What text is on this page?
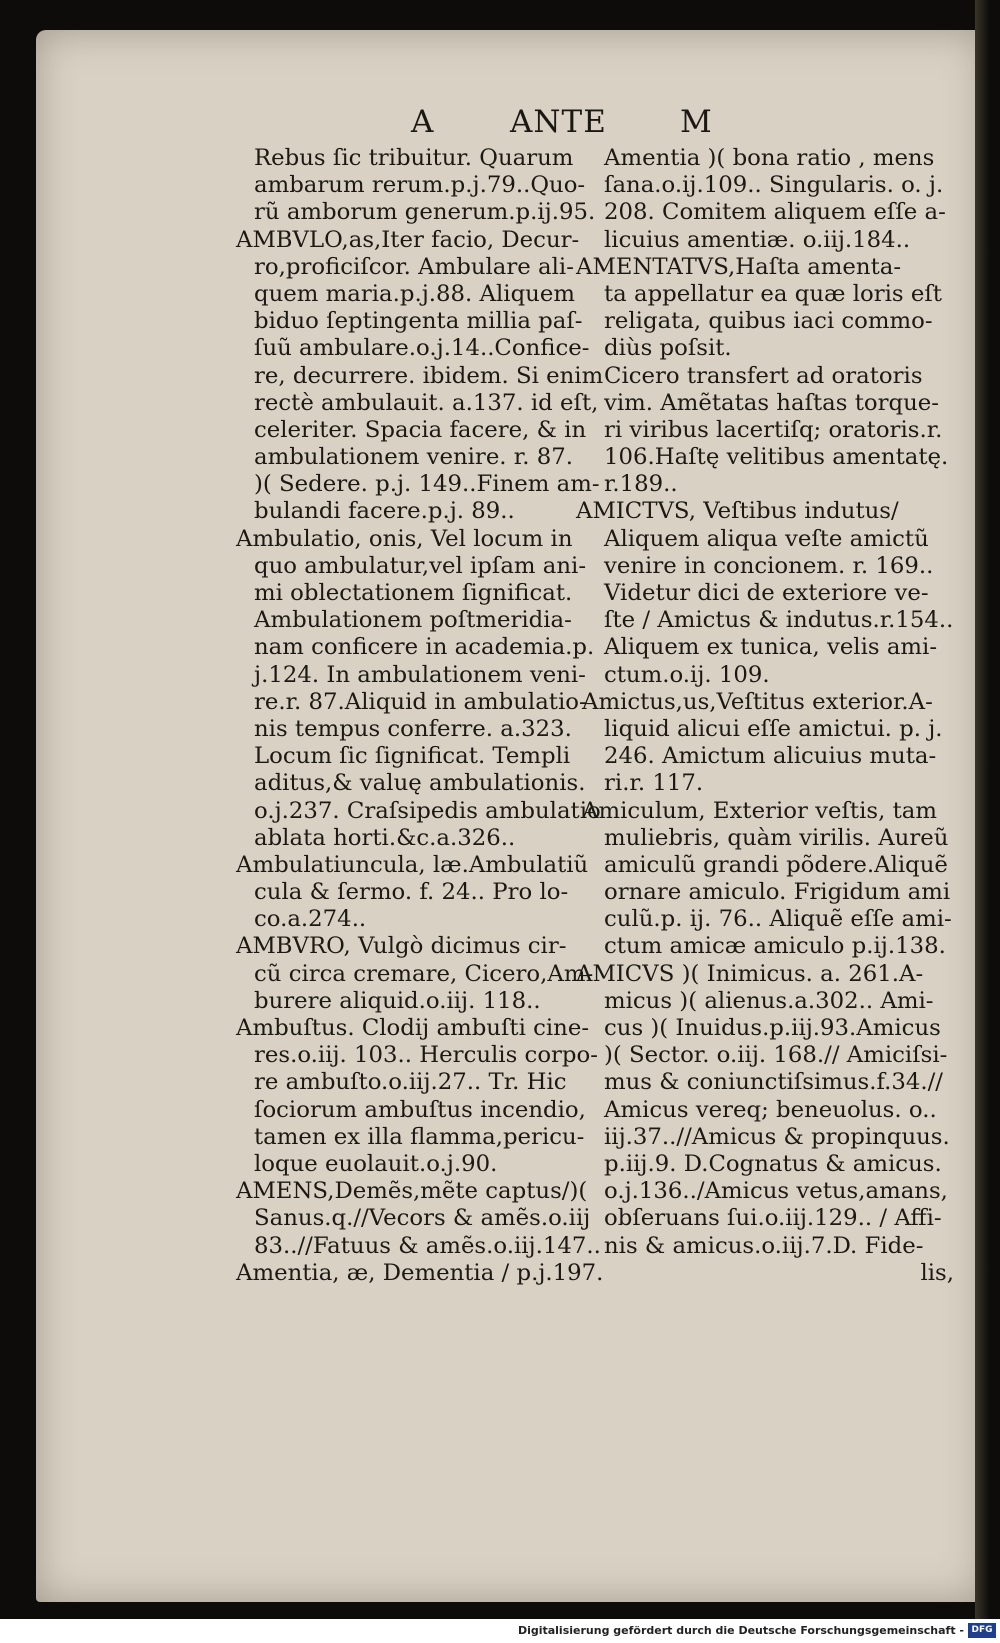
A ANTE M
Rebus ſic tribuitur. Quarum
ambarum rerum.p.j.79..Quo-
rũ amborum generum.p.ij.95.
AMBVLO,as,Iter facio, Decur-
ro,proficiſcor. Ambulare ali-
quem maria.p.j.88. Aliquem
biduo ſeptingenta millia paſ-
ſuũ ambulare.o.j.14..Confice-
re, decurrere. ibidem. Si enim
rectè ambulauit. a.137. id eſt,
celeriter. Spacia facere, & in
ambulationem venire. r. 87.
)( Sedere. p.j. 149..Finem am-
bulandi facere.p.j. 89..
Ambulatio, onis, Vel locum in
quo ambulatur,vel ipſam ani-
mi oblectationem ſignificat.
Ambulationem poſtmeridia-
nam conficere in academia.p.
j.124. In ambulationem veni-
re.r. 87.Aliquid in ambulatio-
nis tempus conferre. a.323.
Locum ſic ſignificat. Templi
aditus,& valuę ambulationis.
o.j.237. Craſsipedis ambulatio
ablata horti.&c.a.326..
Ambulatiuncula, læ.Ambulatiũ
cula & ſermo. f. 24.. Pro lo-
co.a.274..
AMBVRO, Vulgò dicimus cir-
cũ circa cremare, Cicero,Am-
burere aliquid.o.iij. 118..
Ambuſtus. Clodij ambuſti cine-
res.o.iij. 103.. Herculis corpo-
re ambuſto.o.iij.27.. Tr. Hic
ſociorum ambuſtus incendio,
tamen ex illa flamma,pericu-
loque euolauit.o.j.90.
AMENS,Demẽs,mẽte captus/)(
Sanus.q.//Vecors & amẽs.o.iij
83..//Fatuus & amẽs.o.iij.147..
Amentia, æ, Dementia / p.j.197.
Amentia )( bona ratio , mens
ſana.o.ij.109.. Singularis. o. j.
208. Comitem aliquem eſſe a-
licuius amentiæ. o.iij.184..
AMENTATVS,Haſta amenta-
ta appellatur ea quæ loris eſt
religata, quibus iaci commo-
diùs poſsit.
Cicero transfert ad oratoris
vim. Amẽtatas haſtas torque-
ri viribus lacertiſq; oratoris.r.
106.Haſtę velitibus amentatę.
r.189..
AMICTVS, Veſtibus indutus/
Aliquem aliqua veſte amictũ
venire in concionem. r. 169..
Videtur dici de exteriore ve-
ſte / Amictus & indutus.r.154..
Aliquem ex tunica, velis ami-
ctum.o.ij. 109.
Amictus,us,Veſtitus exterior.A-
liquid alicui eſſe amictui. p. j.
246. Amictum alicuius muta-
ri.r. 117.
Amiculum, Exterior veſtis, tam
muliebris, quàm virilis. Aureũ
amiculũ grandi põdere.Aliquẽ
ornare amiculo. Frigidum ami
culũ.p. ij. 76.. Aliquẽ eſſe ami-
ctum amicæ amiculo p.ij.138.
AMICVS )( Inimicus. a. 261.A-
micus )( alienus.a.302.. Ami-
cus )( Inuidus.p.iij.93.Amicus
)( Sector. o.iij. 168.// Amiciſsi-
mus & coniunctiſsimus.f.34.//
Amicus vereq; beneuolus. o..
iij.37..//Amicus & propinquus.
p.iij.9. D.Cognatus & amicus.
o.j.136../Amicus vetus,amans,
obſeruans ſui.o.iij.129.. / Affi-
nis & amicus.o.iij.7.D. Fide-
lis,
Digitalisierung gefördert durch die Deutsche Forschungsgemeinschaft - DFG
